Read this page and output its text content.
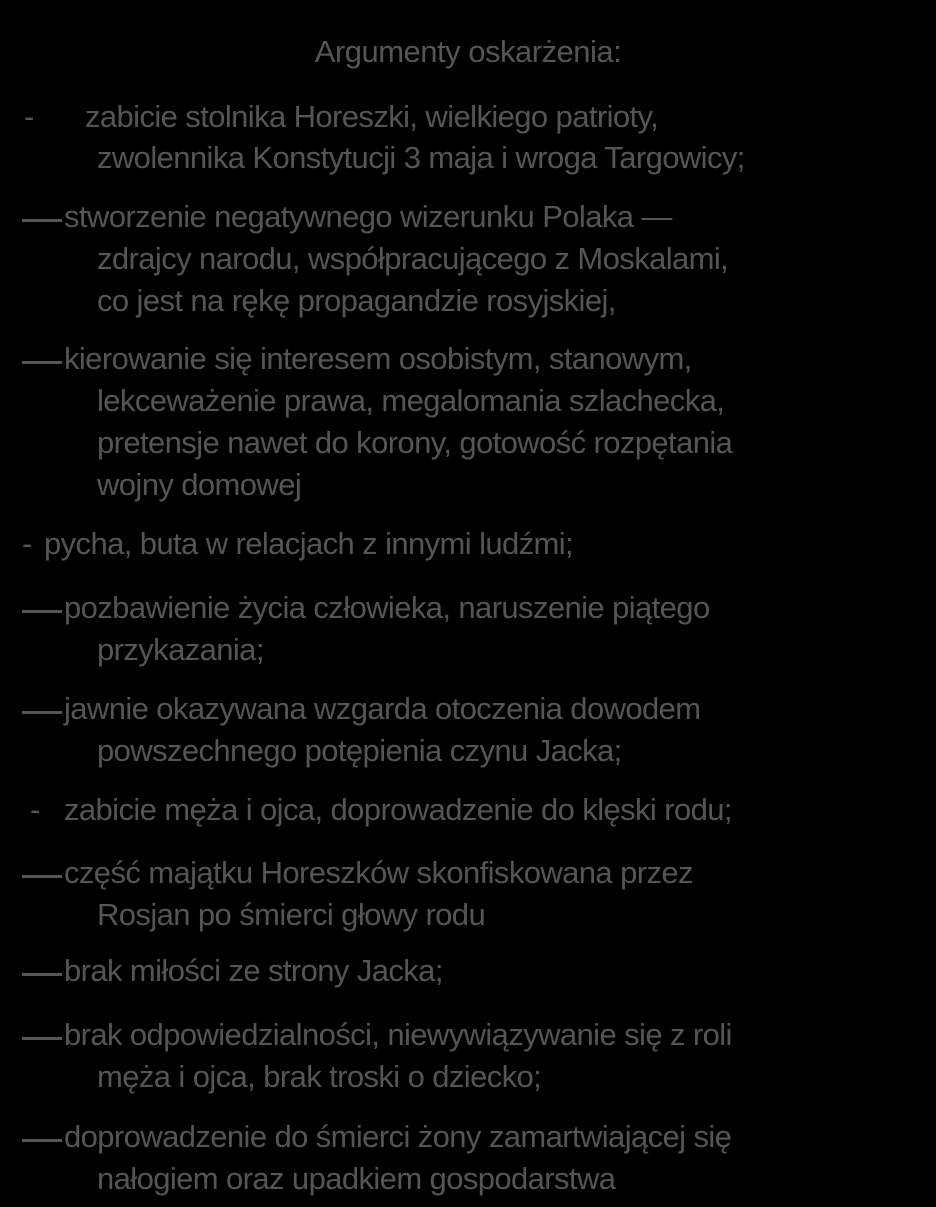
Argumenty oskarżenia:
- zabicie stolnika Horeszki, wielkiego patrioty,
zwolennika Konstytucji 3 maja i wroga Targowicy;
stworzenie negatywnego wizerunku Polaka —
zdrajcy narodu, współpracującego z Moskalami,
co jest na rękę propagandzie rosyjskiej,
kierowanie się interesem osobistym, stanowym,
lekceważenie prawa, megalomania szlachecka,
pretensje nawet do korony, gotowość rozpętania
wojny domowej
- pycha, buta w relacjach z innymi ludźmi;
pozbawienie życia człowieka, naruszenie piątego
przykazania;
jawnie okazywana wzgarda otoczenia dowodem
powszechnego potępienia czynu Jacka;
- zabicie męża i ojca, doprowadzenie do klęski rodu;
część majątku Horeszków skonfiskowana przez
Rosjan po śmierci głowy rodu
brak miłości ze strony Jacka;
brak odpowiedzialności, niewywiązywanie się z roli
męża i ojca, brak troski o dziecko;
doprowadzenie do śmierci żony zamartwiającej się
nałogiem oraz upadkiem gospodarstwa
